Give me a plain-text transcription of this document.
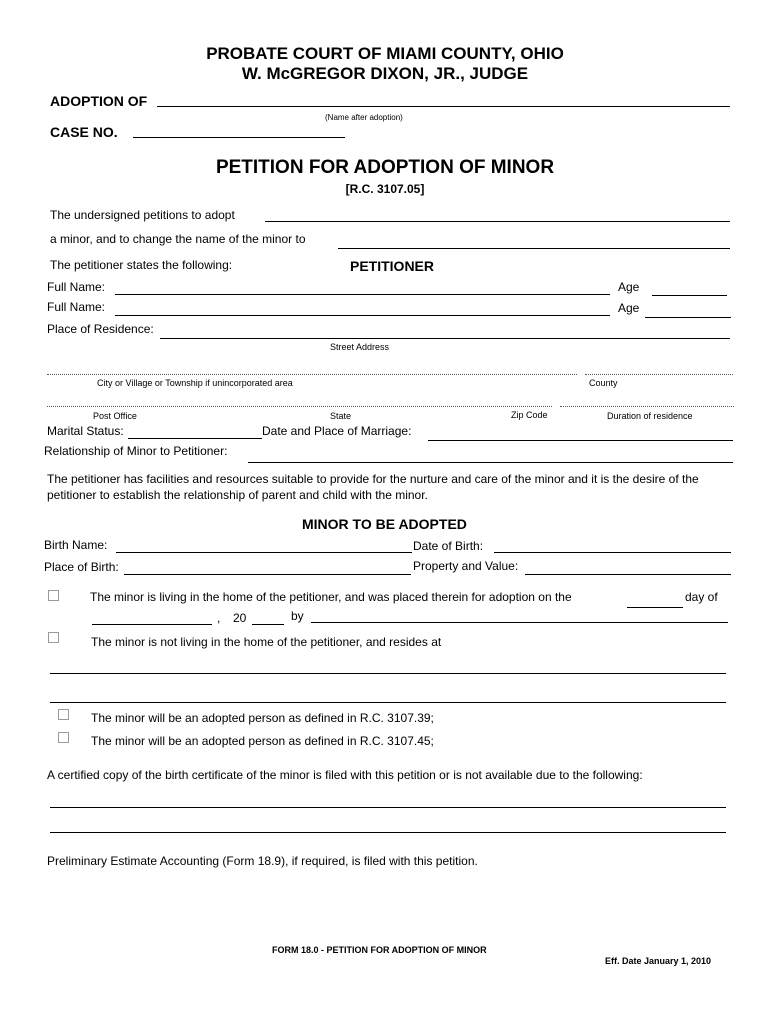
PROBATE COURT OF MIAMI COUNTY, OHIO
W. McGREGOR DIXON, JR., JUDGE
ADOPTION OF
(Name after adoption)
CASE NO.
PETITION FOR ADOPTION OF MINOR
[R.C. 3107.05]
The undersigned petitions to adopt
a minor, and to change the name of the minor to
The petitioner states the following:	PETITIONER
Full Name:	Age
Full Name:	Age
Place of Residence:
Street Address
City or Village or Township if unincorporated area	County
Post Office	State	Zip Code	Duration of residence
Marital Status:	Date and Place of Marriage:
Relationship of Minor to Petitioner:
The petitioner has facilities and resources suitable to provide for the nurture and care of the minor and it is the desire of the petitioner to establish the relationship of parent and child with the minor.
MINOR TO BE ADOPTED
Birth Name:	Date of Birth:
Place of Birth:	Property and Value:
The minor is living in the home of the petitioner, and was placed therein for adoption on the	day of
, 20	by
The minor is not living in the home of the petitioner, and resides at
The minor will be an adopted person as defined in R.C. 3107.39;
The minor will be an adopted person as defined in R.C. 3107.45;
A certified copy of the birth certificate of the minor is filed with this petition or is not available due to the following:
Preliminary Estimate Accounting (Form 18.9), if required, is filed with this petition.
FORM 18.0 - PETITION FOR ADOPTION OF MINOR
Eff. Date January 1, 2010
